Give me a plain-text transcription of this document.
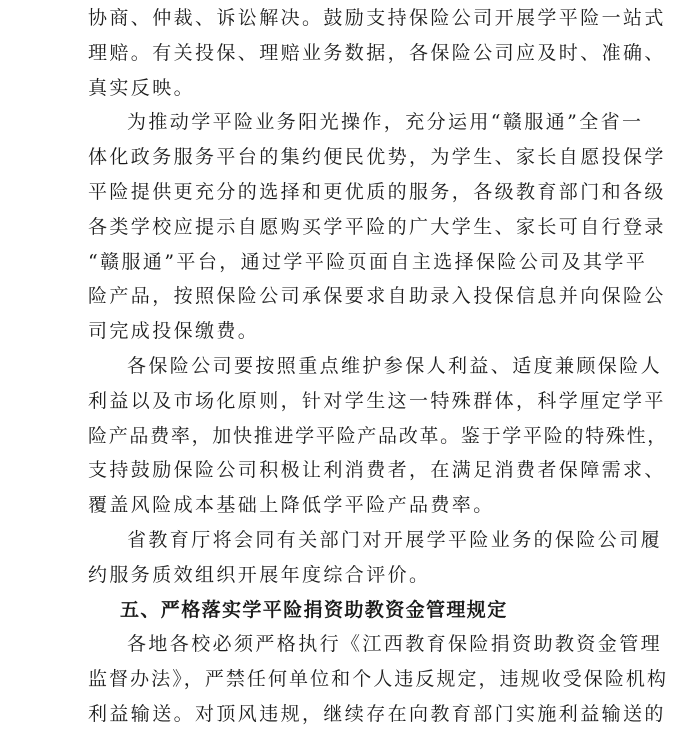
协商、仲裁、诉讼解决。鼓励支持保险公司开展学平险一站式
理赔。有关投保、理赔业务数据，各保险公司应及时、准确、
真实反映。
为推动学平险业务阳光操作，充分运用“赣服通”全省一
体化政务服务平台的集约便民优势，为学生、家长自愿投保学
平险提供更充分的选择和更优质的服务，各级教育部门和各级
各类学校应提示自愿购买学平险的广大学生、家长可自行登录
“赣服通”平台，通过学平险页面自主选择保险公司及其学平
险产品，按照保险公司承保要求自助录入投保信息并向保险公
司完成投保缴费。
各保险公司要按照重点维护参保人利益、适度兼顾保险人
利益以及市场化原则，针对学生这一特殊群体，科学厘定学平
险产品费率，加快推进学平险产品改革。鉴于学平险的特殊性，
支持鼓励保险公司积极让利消费者，在满足消费者保障需求、
覆盖风险成本基础上降低学平险产品费率。
省教育厅将会同有关部门对开展学平险业务的保险公司履
约服务质效组织开展年度综合评价。
五、严格落实学平险捐资助教资金管理规定
各地各校必须严格执行《江西教育保险捐资助教资金管理
监督办法》，严禁任何单位和个人违反规定，违规收受保险机构
利益输送。对顶风违规，继续存在向教育部门实施利益输送的
